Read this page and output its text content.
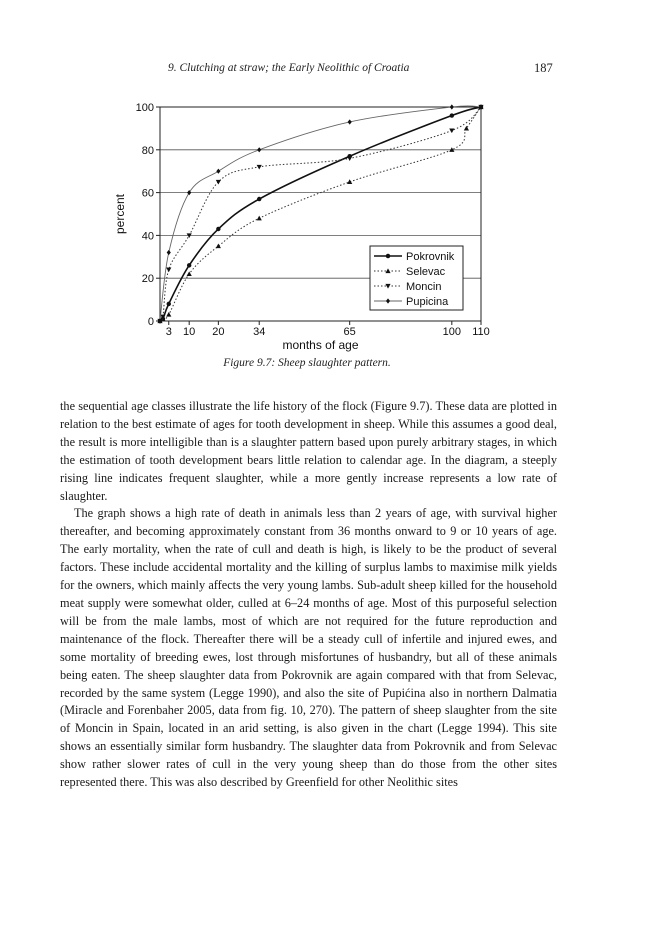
9. Clutching at straw; the Early Neolithic of Croatia	187
0
20
40
60
80
100
3 10 20	34	65	100 110
months of age
percent
Pokrovnik
Selevac
Moncin
Pupicina
Figure 9.7: Sheep slaughter pattern.

the sequential age classes illustrate the life history of the flock (Figure 9.7). These data are plotted in relation to the best estimate of ages for tooth development in sheep. While this assumes a good deal, the result is more intelligible than is a slaughter pattern based upon purely arbitrary stages, in which the estimation of tooth development bears little relation to calendar age. In the diagram, a steeply rising line indicates frequent slaughter, while a more gently increase represents a low rate of slaughter.

The graph shows a high rate of death in animals less than 2 years of age, with survival higher thereafter, and becoming approximately constant from 36 months onward to 9 or 10 years of age. The early mortality, when the rate of cull and death is high, is likely to be the product of several factors. These include accidental mortality and the killing of surplus lambs to maximise milk yields for the owners, which mainly affects the very young lambs. Sub-adult sheep killed for the household meat supply were somewhat older, culled at 6–24 months of age. Most of this purposeful selection will be from the male lambs, most of which are not required for the future reproduction and maintenance of the flock. Thereafter there will be a steady cull of infertile and injured ewes, and some mortality of breeding ewes, lost through misfortunes of husbandry, but all of these animals being eaten. The sheep slaughter data from Pokrovnik are again compared with that from Selevac, recorded by the same system (Legge 1990), and also the site of Pupićina also in northern Dalmatia (Miracle and Forenbaher 2005, data from fig. 10, 270). The pattern of sheep slaughter from the site of Moncin in Spain, located in an arid setting, is also given in the chart (Legge 1994). This site shows an essentially similar form husbandry. The slaughter data from Pokrovnik and from Selevac show rather slower rates of cull in the very young sheep than do those from the other sites represented there. This was also described by Greenfield for other Neolithic sites
